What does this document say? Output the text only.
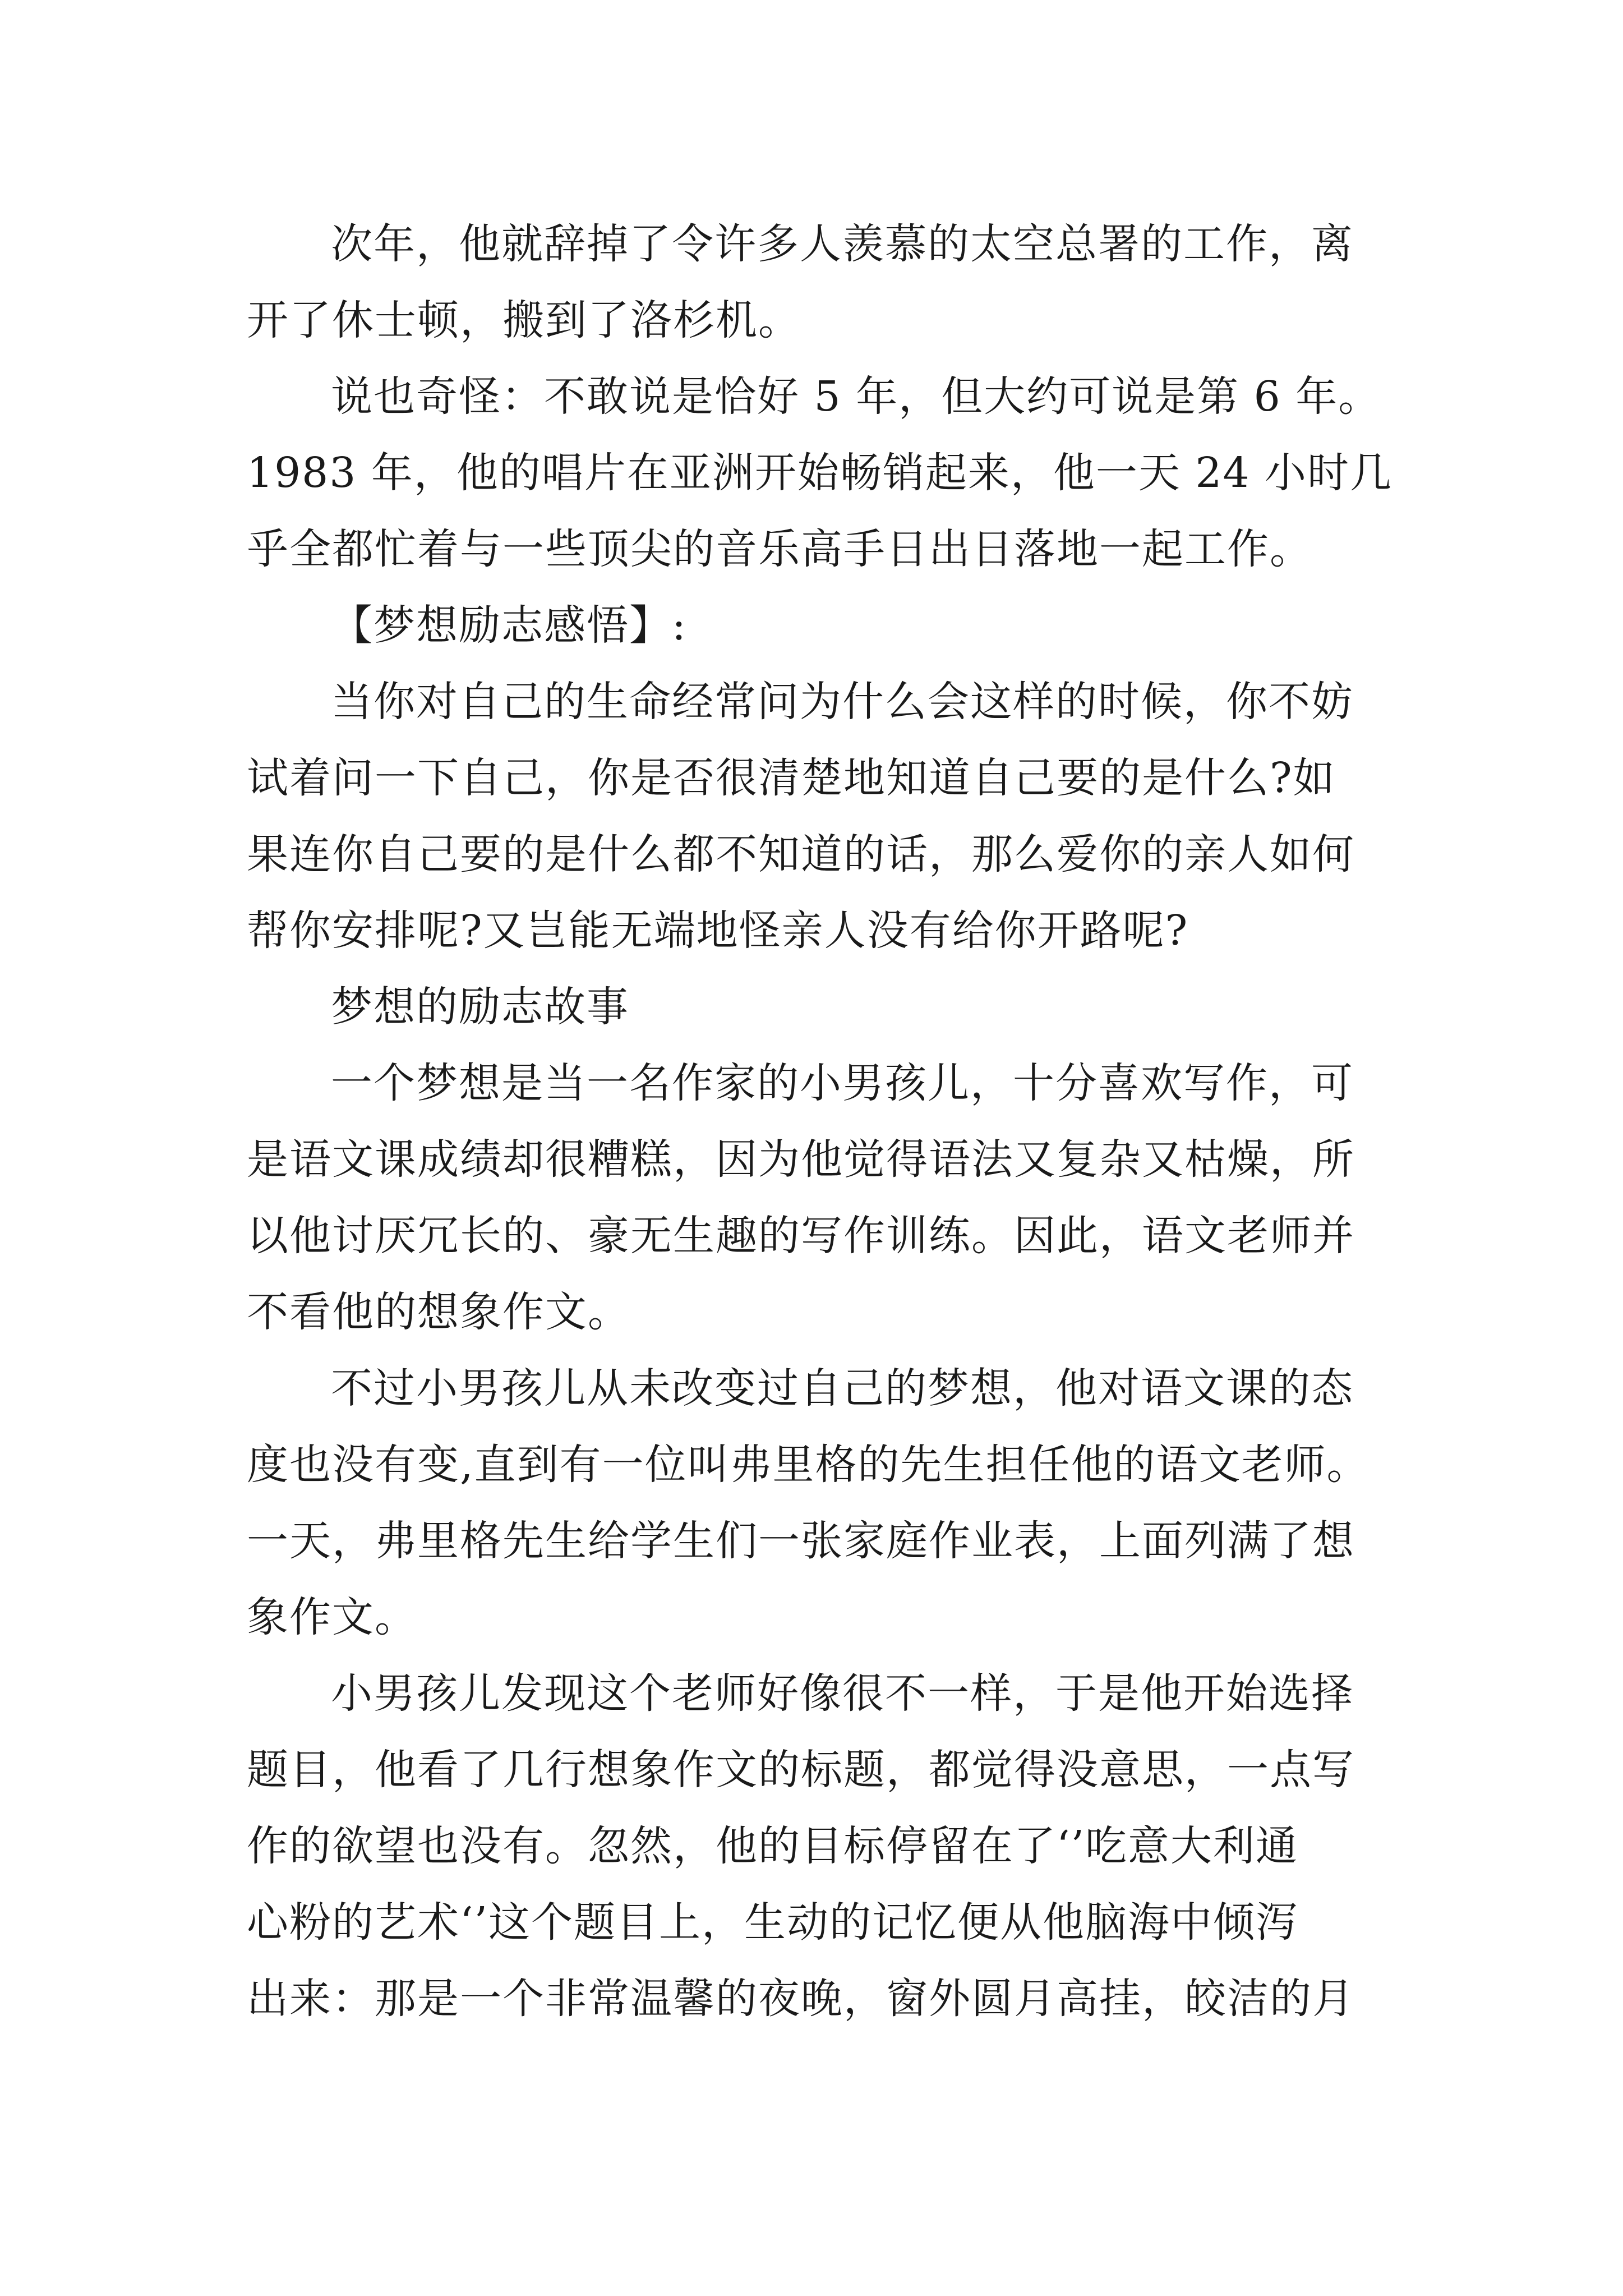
次年，他就辞掉了令许多人羡慕的太空总署的工作，离
开了休士顿，搬到了洛杉机。
说也奇怪：不敢说是恰好 5 年，但大约可说是第 6 年。
1983 年，他的唱片在亚洲开始畅销起来，他一天 24 小时几
乎全都忙着与一些顶尖的音乐高手日出日落地一起工作。
【梦想励志感悟】:
当你对自己的生命经常问为什么会这样的时候，你不妨
试着问一下自己，你是否很清楚地知道自己要的是什么?如
果连你自己要的是什么都不知道的话，那么爱你的亲人如何
帮你安排呢?又岂能无端地怪亲人没有给你开路呢?
梦想的励志故事
一个梦想是当一名作家的小男孩儿，十分喜欢写作，可
是语文课成绩却很糟糕，因为他觉得语法又复杂又枯燥，所
以他讨厌冗长的、豪无生趣的写作训练。因此，语文老师并
不看他的想象作文。
不过小男孩儿从未改变过自己的梦想，他对语文课的态
度也没有变,直到有一位叫弗里格的先生担任他的语文老师。
一天，弗里格先生给学生们一张家庭作业表，上面列满了想
象作文。
小男孩儿发现这个老师好像很不一样，于是他开始选择
题目，他看了几行想象作文的标题，都觉得没意思，一点写
作的欲望也没有。忽然，他的目标停留在了‘’吃意大利通
心粉的艺术‘’这个题目上，生动的记忆便从他脑海中倾泻
出来：那是一个非常温馨的夜晚，窗外圆月高挂，皎洁的月
